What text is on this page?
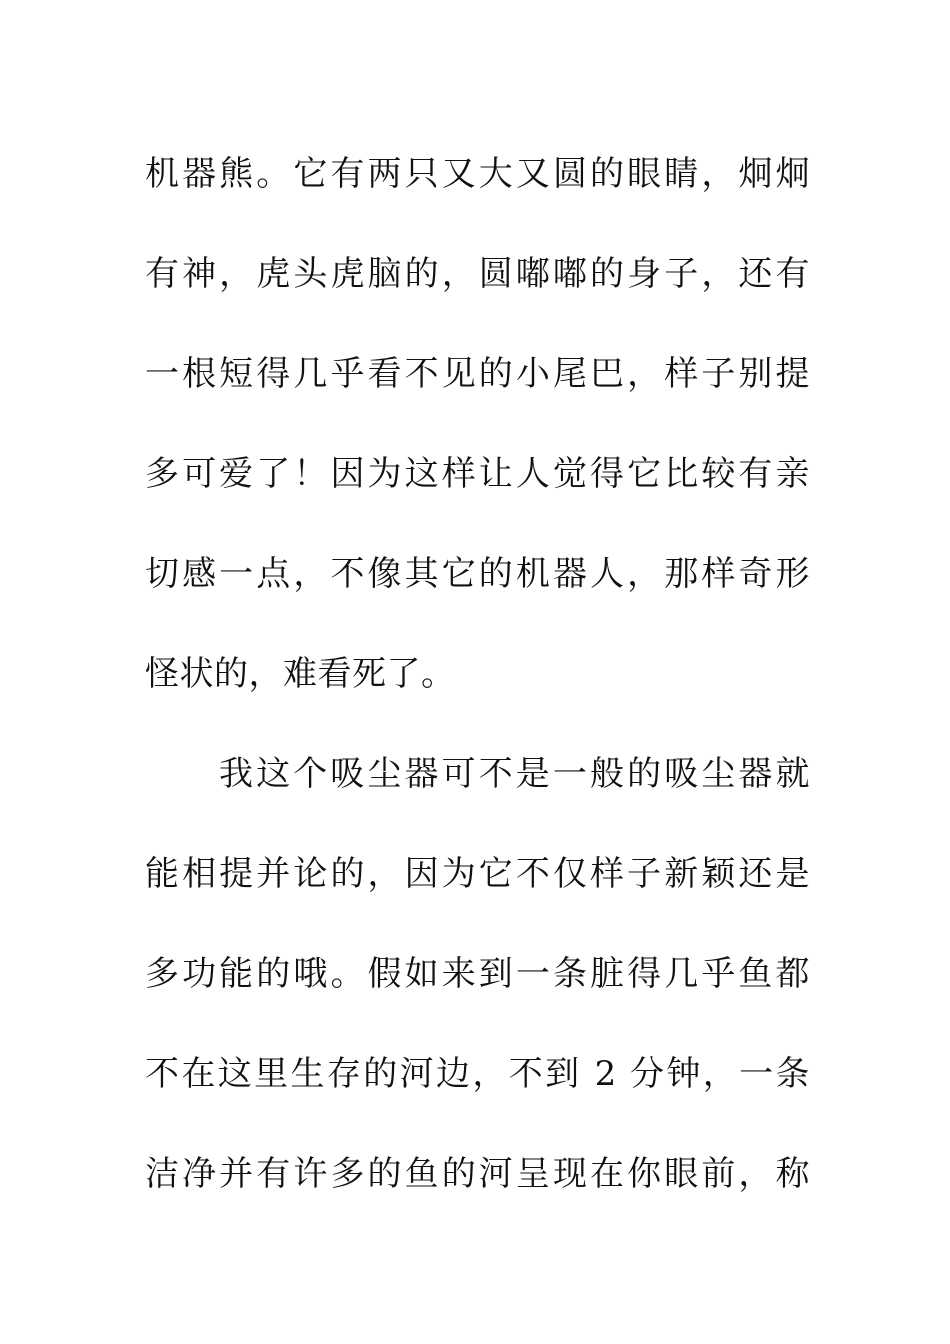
机器熊。它有两只又大又圆的眼睛，炯炯
有神，虎头虎脑的，圆嘟嘟的身子，还有
一根短得几乎看不见的小尾巴，样子别提
多可爱了！因为这样让人觉得它比较有亲
切感一点，不像其它的机器人，那样奇形
怪状的，难看死了。
我这个吸尘器可不是一般的吸尘器就
能相提并论的，因为它不仅样子新颖还是
多功能的哦。假如来到一条脏得几乎鱼都
不在这里生存的河边，不到 2 分钟，一条
洁净并有许多的鱼的河呈现在你眼前，称
